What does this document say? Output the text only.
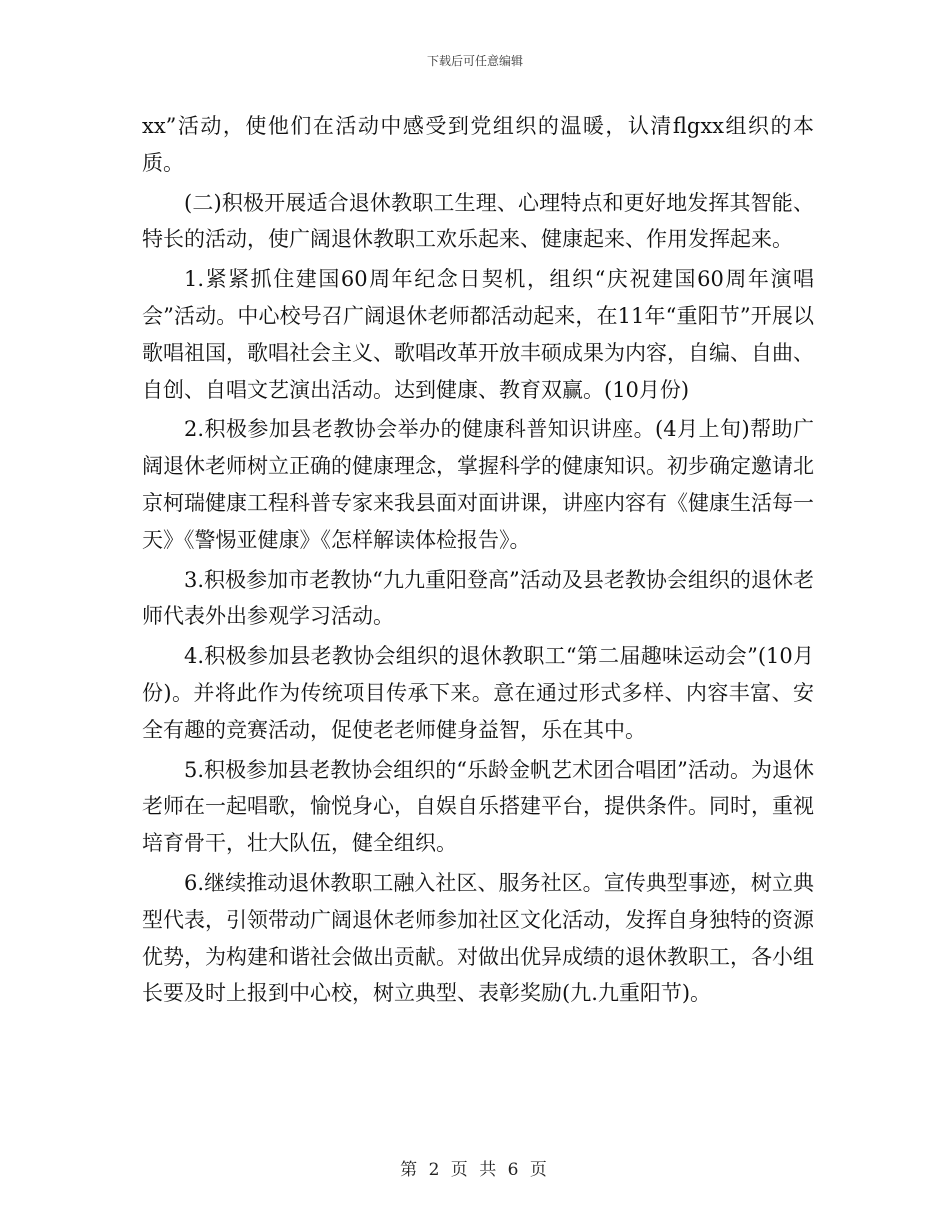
下载后可任意编辑

xx”活动，使他们在活动中感受到党组织的温暖，认清flgxx组织的本质。

(二)积极开展适合退休教职工生理、心理特点和更好地发挥其智能、特长的活动，使广阔退休教职工欢乐起来、健康起来、作用发挥起来。

1.紧紧抓住建国60周年纪念日契机，组织“庆祝建国60周年演唱会”活动。中心校号召广阔退休老师都活动起来，在11年“重阳节”开展以歌唱祖国，歌唱社会主义、歌唱改革开放丰硕成果为内容，自编、自曲、自创、自唱文艺演出活动。达到健康、教育双赢。(10月份)

2.积极参加县老教协会举办的健康科普知识讲座。(4月上旬)帮助广阔退休老师树立正确的健康理念，掌握科学的健康知识。初步确定邀请北京柯瑞健康工程科普专家来我县面对面讲课，讲座内容有《健康生活每一天》《警惕亚健康》《怎样解读体检报告》。

3.积极参加市老教协“九九重阳登高”活动及县老教协会组织的退休老师代表外出参观学习活动。

4.积极参加县老教协会组织的退休教职工“第二届趣味运动会”(10月份)。并将此作为传统项目传承下来。意在通过形式多样、内容丰富、安全有趣的竞赛活动，促使老老师健身益智，乐在其中。

5.积极参加县老教协会组织的“乐龄金帆艺术团合唱团”活动。为退休老师在一起唱歌，愉悦身心，自娱自乐搭建平台，提供条件。同时，重视培育骨干，壮大队伍，健全组织。

6.继续推动退休教职工融入社区、服务社区。宣传典型事迹，树立典型代表，引领带动广阔退休老师参加社区文化活动，发挥自身独特的资源优势，为构建和谐社会做出贡献。对做出优异成绩的退休教职工，各小组长要及时上报到中心校，树立典型、表彰奖励(九.九重阳节)。

第 2 页 共 6 页
